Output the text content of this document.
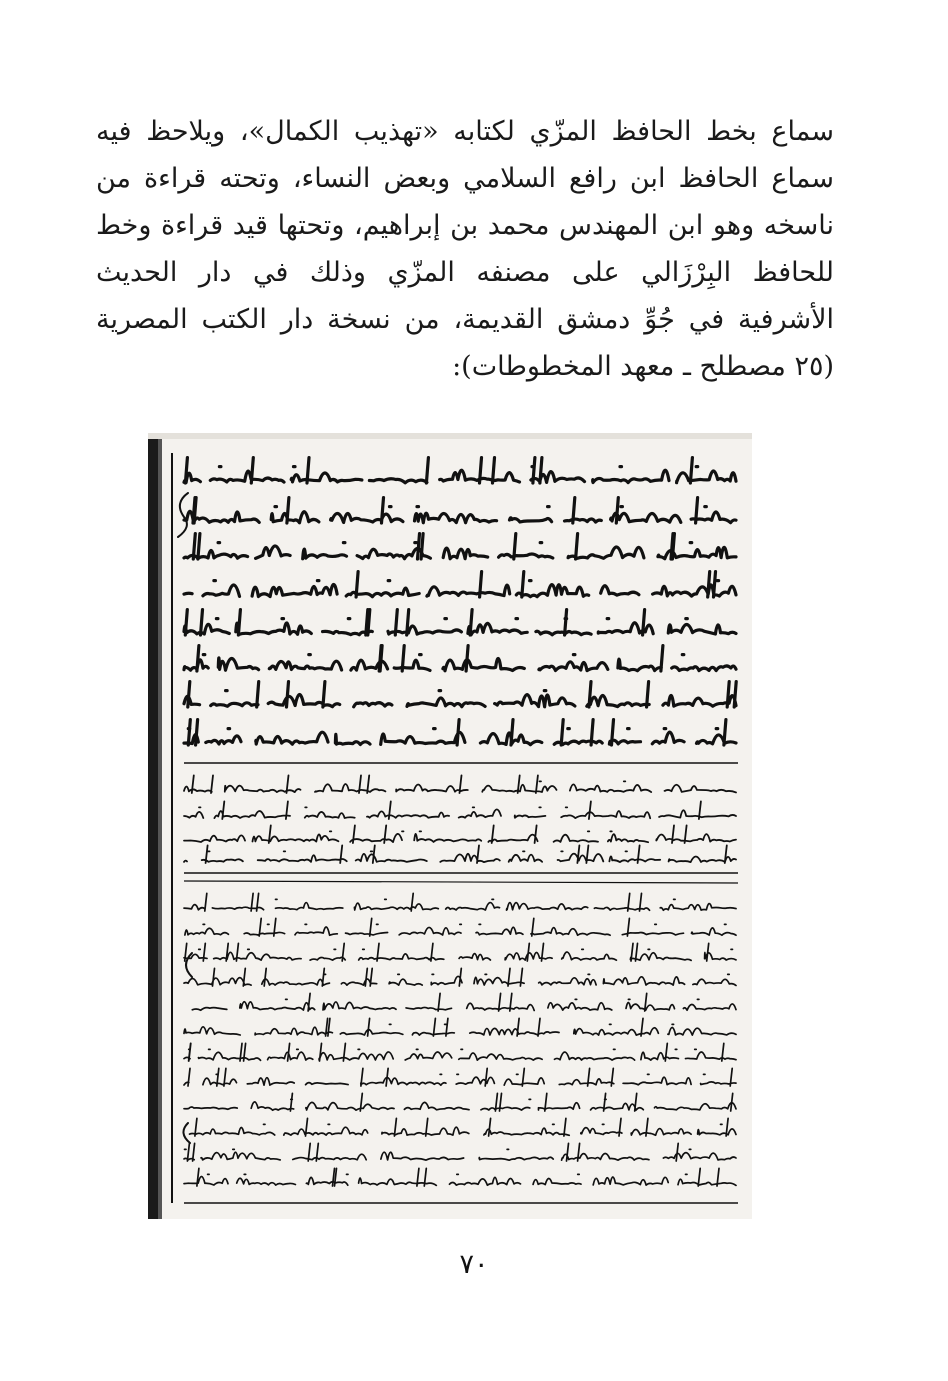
سماع بخط الحافظ المزّي لكتابه «تهذيب الكمال»، ويلاحظ فيه سماع الحافظ ابن رافع السلامي وبعض النساء، وتحته قراءة من ناسخه وهو ابن المهندس محمد بن إبراهيم، وتحتها قيد قراءة وخط للحافظ البِرْزَالي على مصنفه المزّي وذلك في دار الحديث الأشرفية في جُوِّ دمشق القديمة، من نسخة دار الكتب المصرية (٢٥ مصطلح ـ معهد المخطوطات):
٧٠
